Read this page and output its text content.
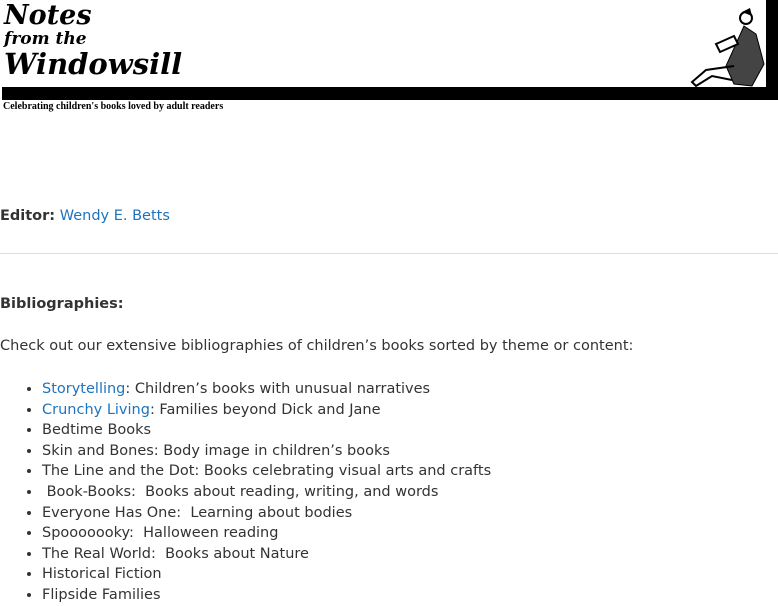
Notes
from the
Windowsill
Celebrating children's books loved by adult readers
Editor: Wendy E. Betts
Bibliographies:
Check out our extensive bibliographies of children’s books sorted by theme or content:
• Storytelling: Children’s books with unusual narratives
• Crunchy Living: Families beyond Dick and Jane
• Bedtime Books
• Skin and Bones: Body image in children’s books
• The Line and the Dot: Books celebrating visual arts and crafts
•  Book-Books:  Books about reading, writing, and words
• Everyone Has One:  Learning about bodies
• Spooooooky:  Halloween reading
• The Real World:  Books about Nature
• Historical Fiction
• Flipside Families
